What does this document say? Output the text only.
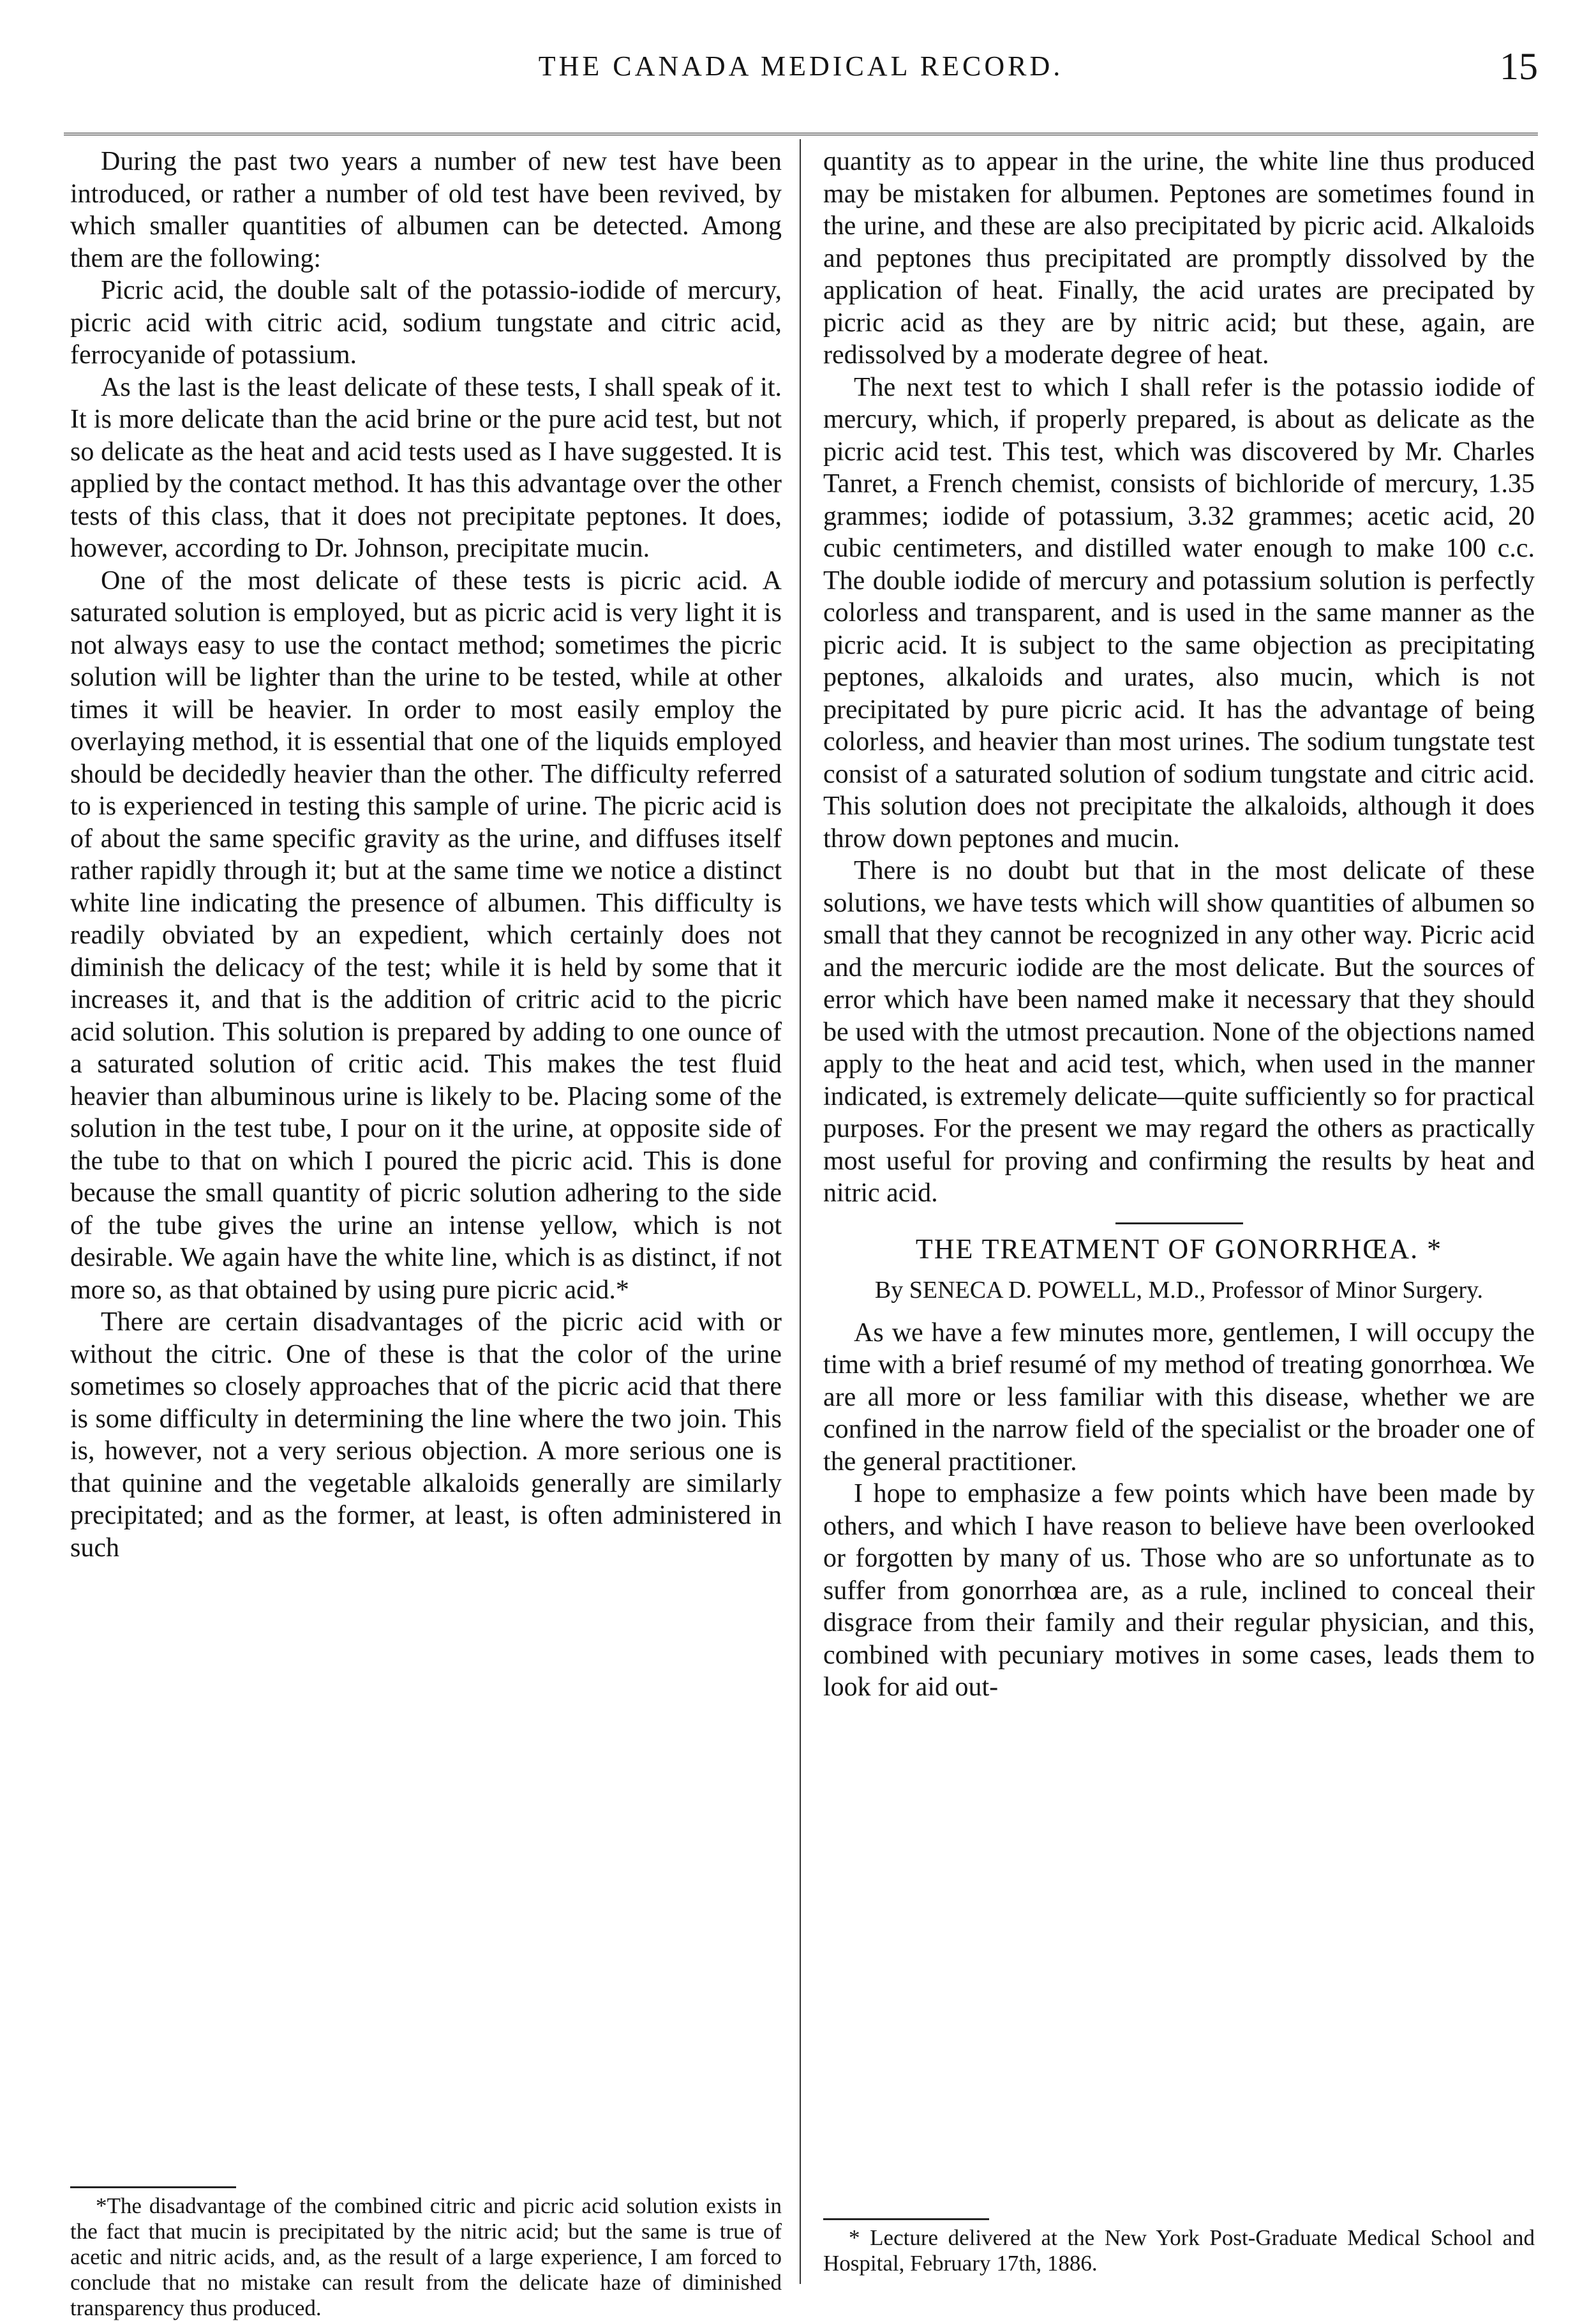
THE CANADA MEDICAL RECORD.	15

During the past two years a number of new test have been introduced, or rather a number of old test have been revived, by which smaller quantities of albumen can be detected. Among them are the following:

Picric acid, the double salt of the potassio-iodide of mercury, picric acid with citric acid, sodium tungstate and citric acid, ferrocyanide of potassium.

As the last is the least delicate of these tests, I shall speak of it. It is more delicate than the acid brine or the pure acid test, but not so delicate as the heat and acid tests used as I have suggested. It is applied by the contact method. It has this advantage over the other tests of this class, that it does not precipitate peptones. It does, however, according to Dr. Johnson, precipitate mucin.

One of the most delicate of these tests is picric acid. A saturated solution is employed, but as picric acid is very light it is not always easy to use the contact method; sometimes the picric solution will be lighter than the urine to be tested, while at other times it will be heavier. In order to most easily employ the overlaying method, it is essential that one of the liquids employed should be decidedly heavier than the other. The difficulty referred to is experienced in testing this sample of urine. The picric acid is of about the same specific gravity as the urine, and diffuses itself rather rapidly through it; but at the same time we notice a distinct white line indicating the presence of albumen. This difficulty is readily obviated by an expedient, which certainly does not diminish the delicacy of the test; while it is held by some that it increases it, and that is the addition of critric acid to the picric acid solution. This solution is prepared by adding to one ounce of a saturated solution of critic acid. This makes the test fluid heavier than albuminous urine is likely to be. Placing some of the solution in the test tube, I pour on it the urine, at opposite side of the tube to that on which I poured the picric acid. This is done because the small quantity of picric solution adhering to the side of the tube gives the urine an intense yellow, which is not desirable. We again have the white line, which is as distinct, if not more so, as that obtained by using pure picric acid.*

There are certain disadvantages of the picric acid with or without the citric. One of these is that the color of the urine sometimes so closely approaches that of the picric acid that there is some difficulty in determining the line where the two join. This is, however, not a very serious objection. A more serious one is that quinine and the vegetable alkaloids generally are similarly precipitated; and as the former, at least, is often administered in such

*The disadvantage of the combined citric and picric acid solution exists in the fact that mucin is precipitated by the nitric acid; but the same is true of acetic and nitric acids, and, as the result of a large experience, I am forced to conclude that no mistake can result from the delicate haze of diminished transparency thus produced.

quantity as to appear in the urine, the white line thus produced may be mistaken for albumen. Peptones are sometimes found in the urine, and these are also precipitated by picric acid. Alkaloids and peptones thus precipitated are promptly dissolved by the application of heat. Finally, the acid urates are precipated by picric acid as they are by nitric acid; but these, again, are redissolved by a moderate degree of heat.

The next test to which I shall refer is the potassio iodide of mercury, which, if properly prepared, is about as delicate as the picric acid test. This test, which was discovered by Mr. Charles Tanret, a French chemist, consists of bichloride of mercury, 1.35 grammes; iodide of potassium, 3.32 grammes; acetic acid, 20 cubic centimeters, and distilled water enough to make 100 c.c. The double iodide of mercury and potassium solution is perfectly colorless and transparent, and is used in the same manner as the picric acid. It is subject to the same objection as precipitating peptones, alkaloids and urates, also mucin, which is not precipitated by pure picric acid. It has the advantage of being colorless, and heavier than most urines. The sodium tungstate test consist of a saturated solution of sodium tungstate and citric acid. This solution does not precipitate the alkaloids, although it does throw down peptones and mucin.

There is no doubt but that in the most delicate of these solutions, we have tests which will show quantities of albumen so small that they cannot be recognized in any other way. Picric acid and the mercuric iodide are the most delicate. But the sources of error which have been named make it necessary that they should be used with the utmost precaution. None of the objections named apply to the heat and acid test, which, when used in the manner indicated, is extremely delicate—quite sufficiently so for practical purposes. For the present we may regard the others as practically most useful for proving and confirming the results by heat and nitric acid.

THE TREATMENT OF GONORRHŒA. *
By SENECA D. POWELL, M.D., Professor of Minor Surgery.

As we have a few minutes more, gentlemen, I will occupy the time with a brief resumé of my method of treating gonorrhœa. We are all more or less familiar with this disease, whether we are confined in the narrow field of the specialist or the broader one of the general practitioner.

I hope to emphasize a few points which have been made by others, and which I have reason to believe have been overlooked or forgotten by many of us. Those who are so unfortunate as to suffer from gonorrhœa are, as a rule, inclined to conceal their disgrace from their family and their regular physician, and this, combined with pecuniary motives in some cases, leads them to look for aid out-

* Lecture delivered at the New York Post-Graduate Medical School and Hospital, February 17th, 1886.
